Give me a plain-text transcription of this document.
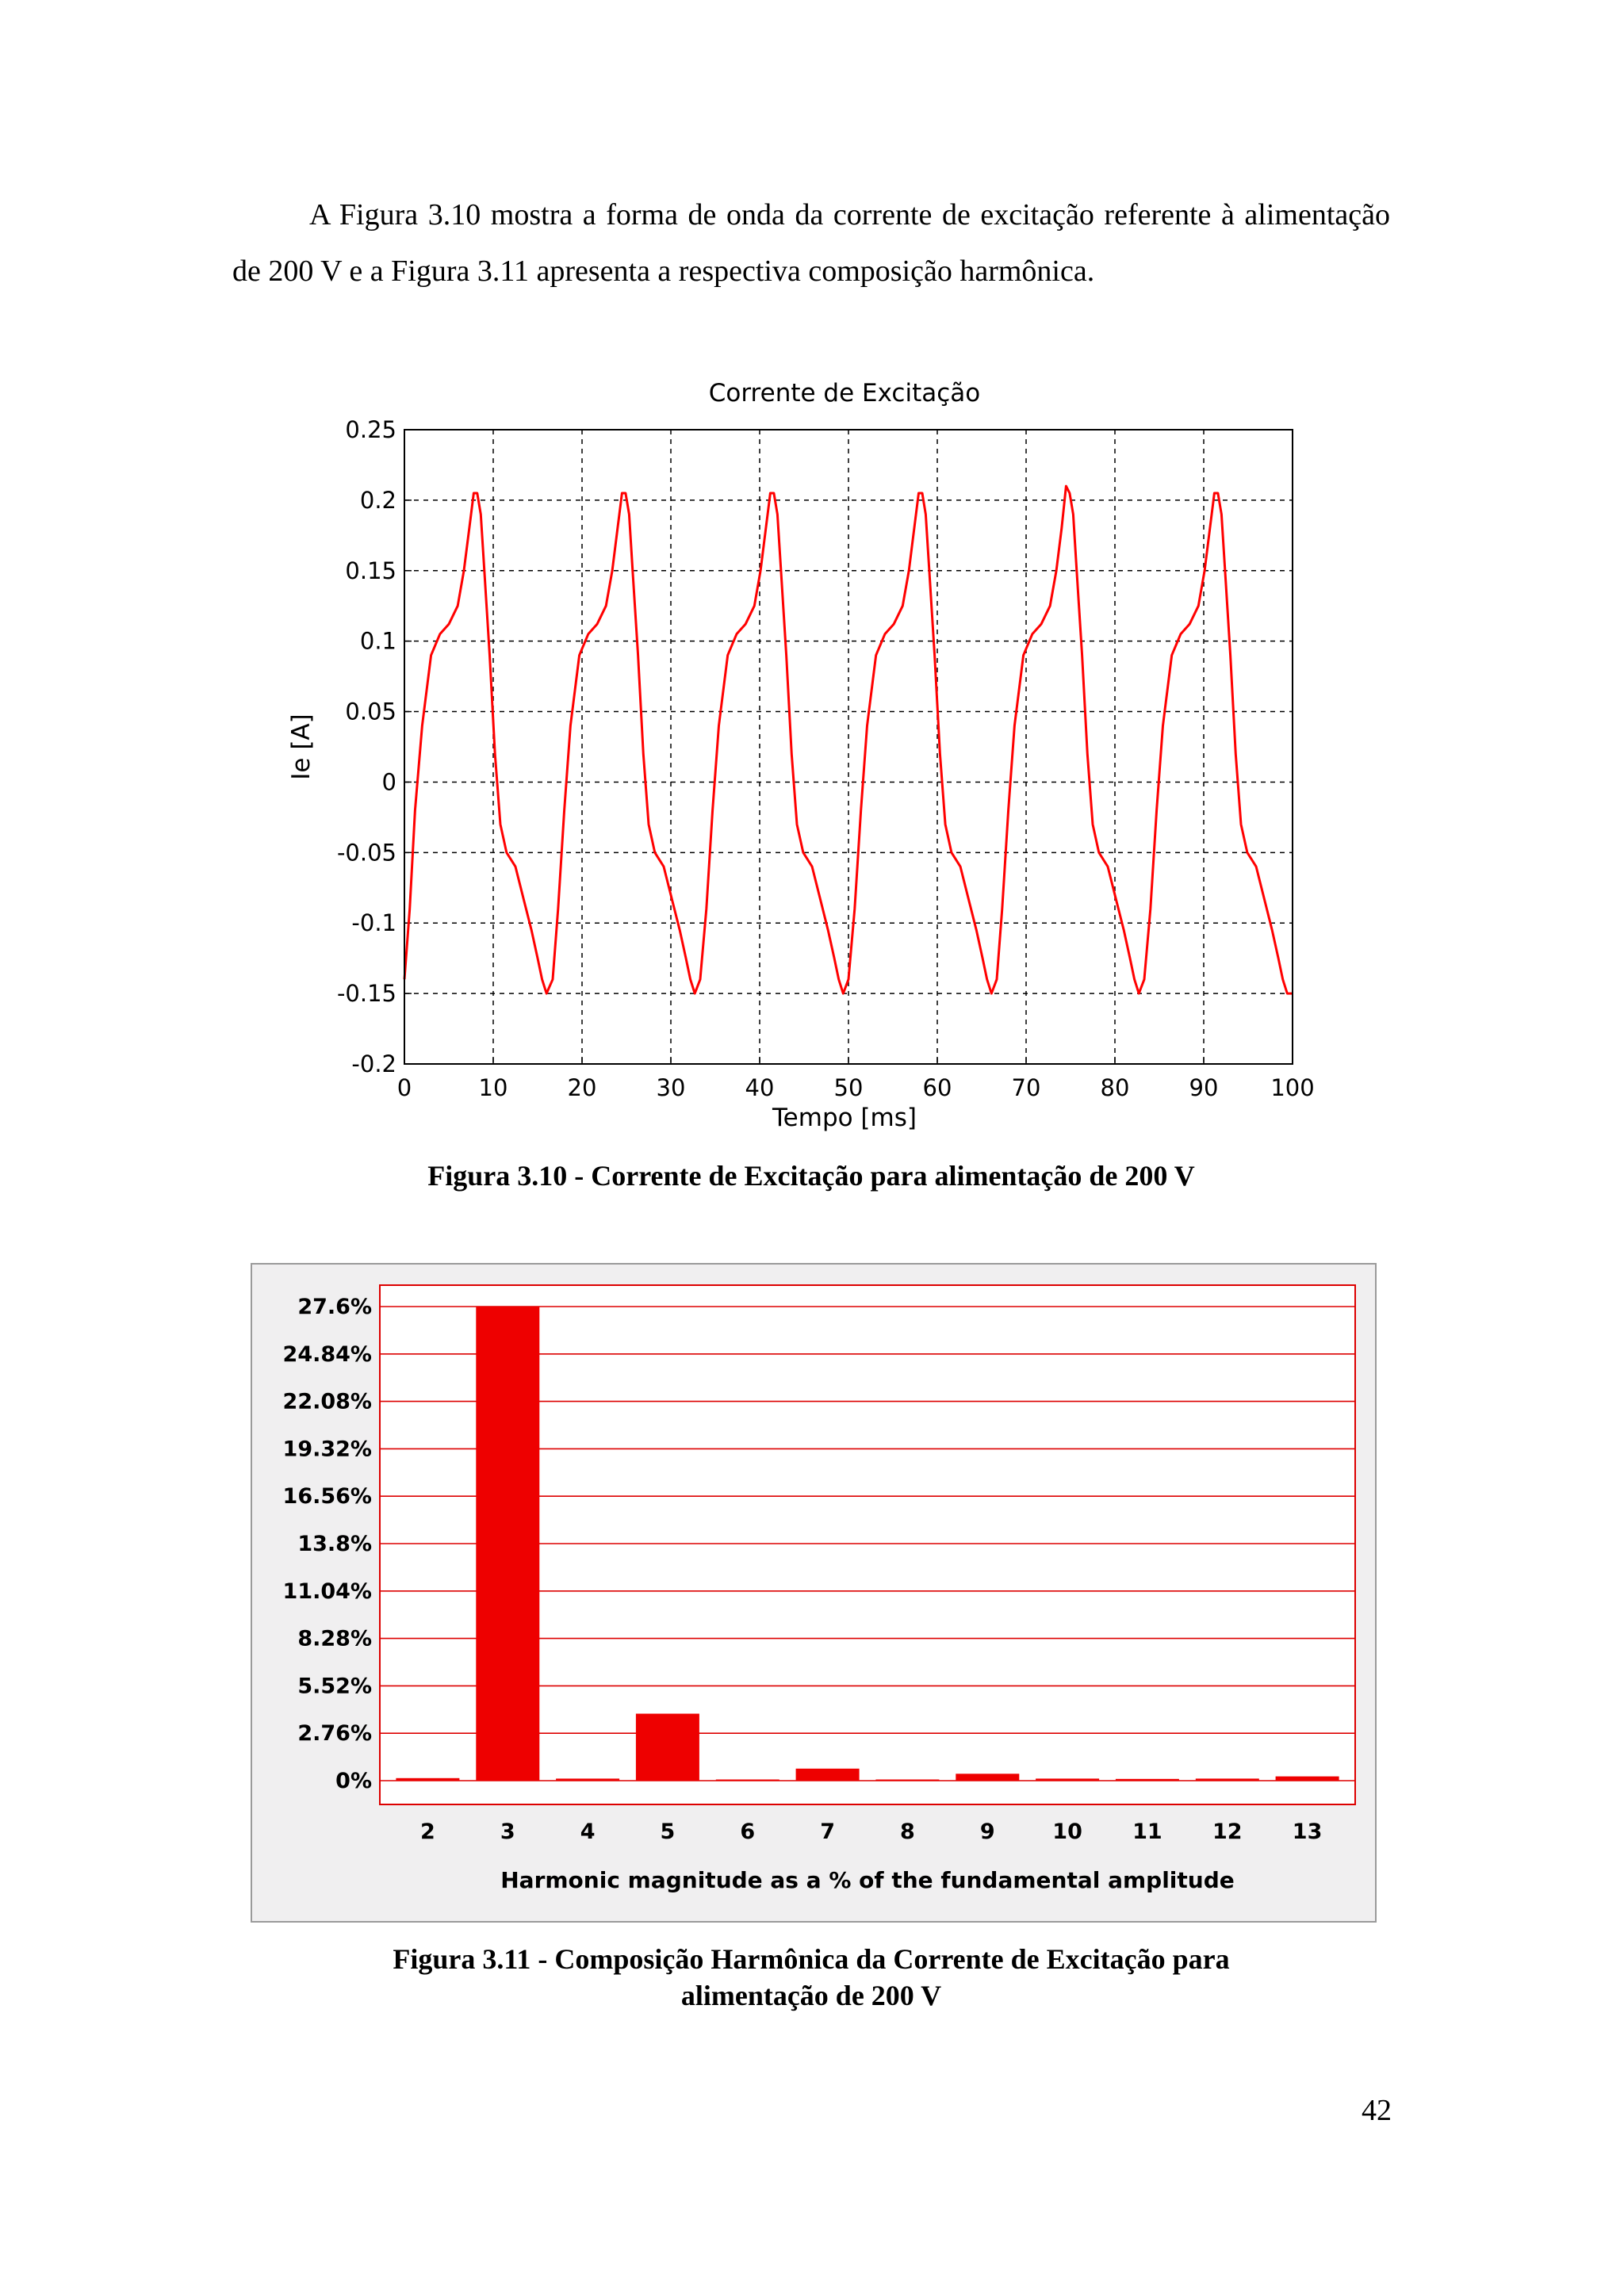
A Figura 3.10 mostra a forma de onda da corrente de excitação referente à alimentação de 200 V e a Figura 3.11 apresenta a respectiva composição harmônica.

Corrente de Excitação
0	10	20	30	40	50	60	70	80	90 100
0.25
0.2
0.15
0.1
0.05
0
-0.05
-0.1
-0.15
-0.2
Tempo [ms]
Ie [A]
Figura 3.10 - Corrente de Excitação para alimentação de 200 V
27.6%
24.84%
22.08%
19.32%
16.56%
13.8%
11.04%
8.28%
5.52%
2.76%
0%
2	3	4	5	6	7	8	9	10 11 12 13
Harmonic magnitude as a % of the fundamental amplitude
Figura 3.11 - Composição Harmônica da Corrente de Excitação para
alimentação de 200 V
42
